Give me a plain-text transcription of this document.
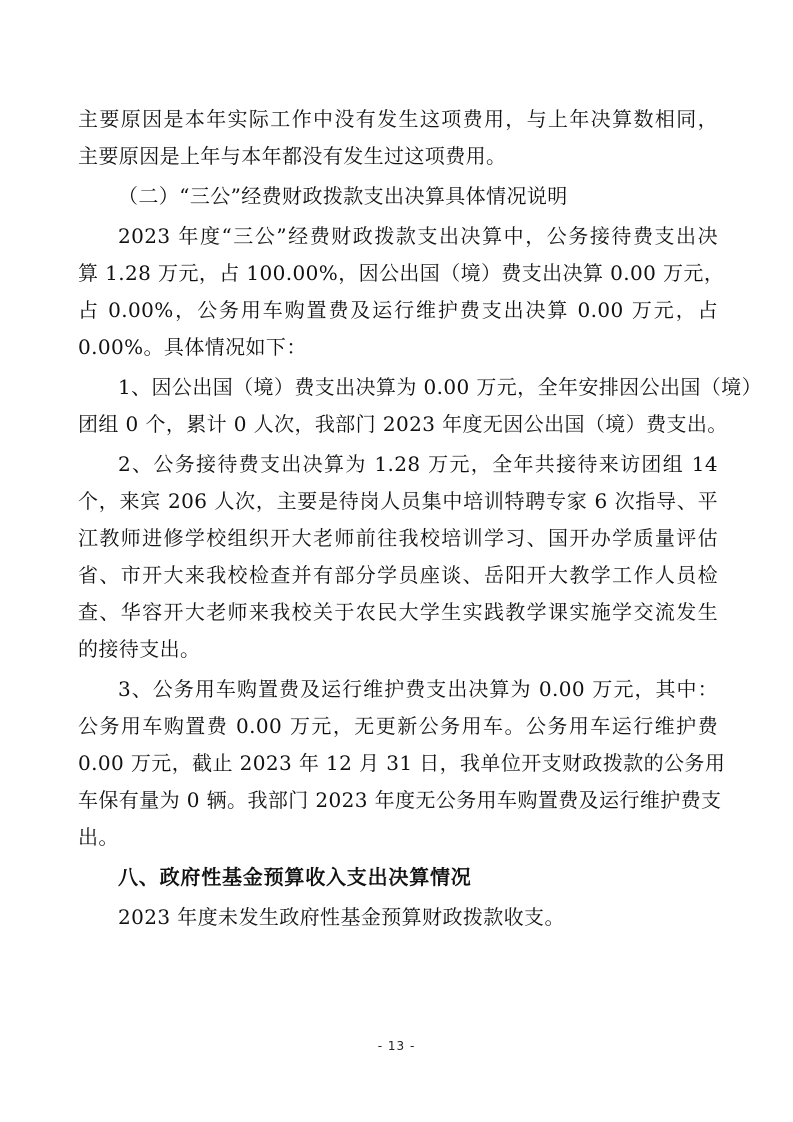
主要原因是本年实际工作中没有发生这项费用，与上年决算数相同，
主要原因是上年与本年都没有发生过这项费用。
（二）“三公”经费财政拨款支出决算具体情况说明
2023 年度“三公”经费财政拨款支出决算中，公务接待费支出决
算 1.28 万元，占 100.00%，因公出国（境）费支出决算 0.00 万元，
占 0.00%，公务用车购置费及运行维护费支出决算 0.00 万元，占
0.00%。具体情况如下：
1、因公出国（境）费支出决算为 0.00 万元，全年安排因公出国（境）
团组 0 个，累计 0 人次，我部门 2023 年度无因公出国（境）费支出。
2、公务接待费支出决算为 1.28 万元，全年共接待来访团组 14
个，来宾 206 人次，主要是待岗人员集中培训特聘专家 6 次指导、平
江教师进修学校组织开大老师前往我校培训学习、国开办学质量评估
省、市开大来我校检查并有部分学员座谈、岳阳开大教学工作人员检
查、华容开大老师来我校关于农民大学生实践教学课实施学交流发生
的接待支出。
3、公务用车购置费及运行维护费支出决算为 0.00 万元，其中：
公务用车购置费 0.00 万元，无更新公务用车。公务用车运行维护费
0.00 万元，截止 2023 年 12 月 31 日，我单位开支财政拨款的公务用
车保有量为 0 辆。我部门 2023 年度无公务用车购置费及运行维护费支
出。
八、政府性基金预算收入支出决算情况
2023 年度未发生政府性基金预算财政拨款收支。
- 13 -
